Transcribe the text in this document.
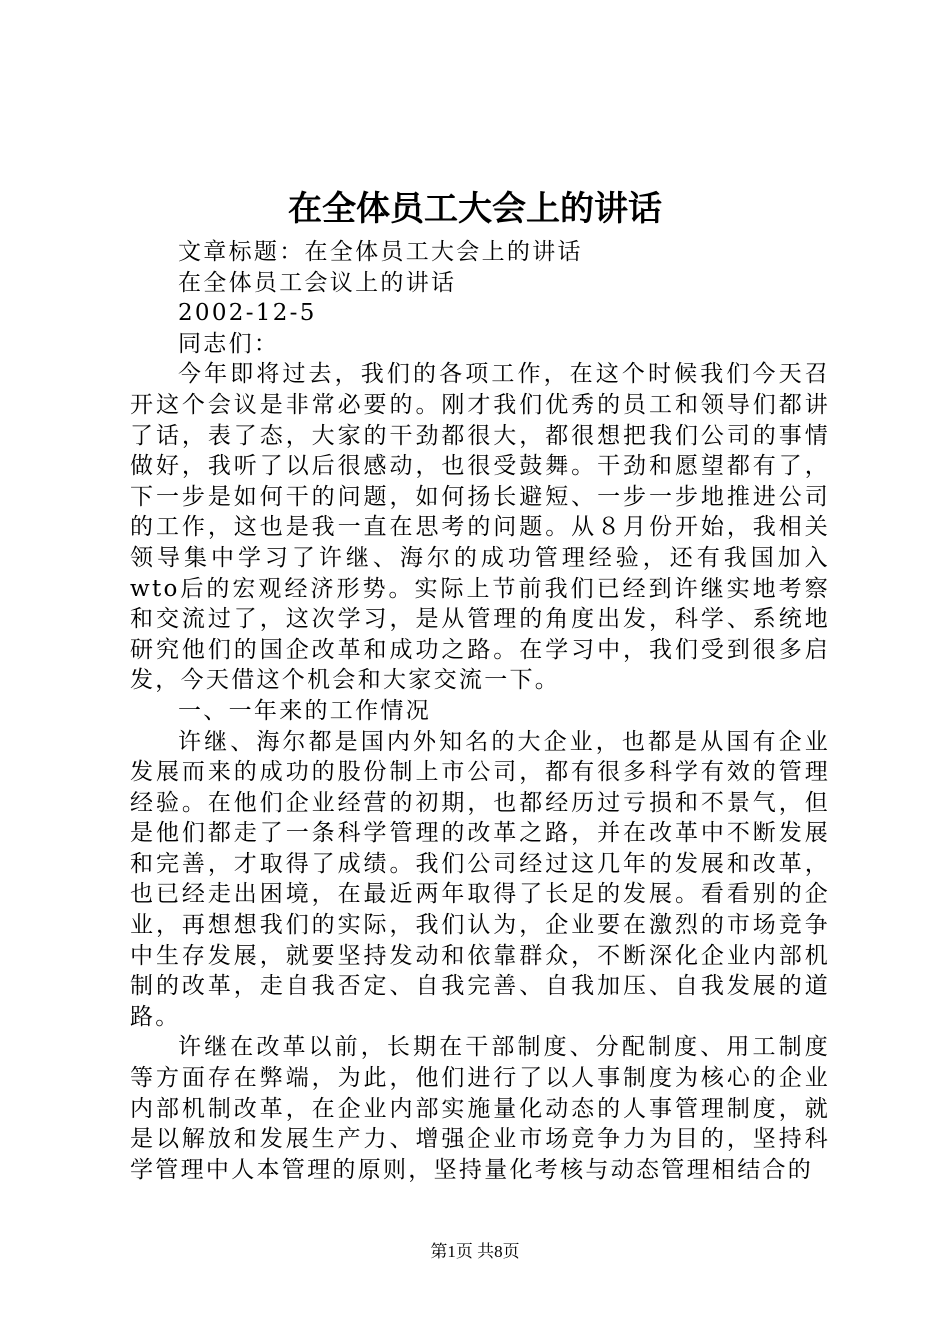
在全体员工大会上的讲话

文章标题：在全体员工大会上的讲话

在全体员工会议上的讲话

2002-12-5

同志们：

今年即将过去，我们的各项工作，在这个时候我们今天召开这个会议是非常必要的。刚才我们优秀的员工和领导们都讲了话，表了态，大家的干劲都很大，都很想把我们公司的事情做好，我听了以后很感动，也很受鼓舞。干劲和愿望都有了，下一步是如何干的问题，如何扬长避短、一步一步地推进公司的工作，这也是我一直在思考的问题。从８月份开始，我相关领导集中学习了许继、海尔的成功管理经验，还有我国加入wto后的宏观经济形势。实际上节前我们已经到许继实地考察和交流过了，这次学习，是从管理的角度出发，科学、系统地研究他们的国企改革和成功之路。在学习中，我们受到很多启发，今天借这个机会和大家交流一下。

一、一年来的工作情况

许继、海尔都是国内外知名的大企业，也都是从国有企业发展而来的成功的股份制上市公司，都有很多科学有效的管理经验。在他们企业经营的初期，也都经历过亏损和不景气，但是他们都走了一条科学管理的改革之路，并在改革中不断发展和完善，才取得了成绩。我们公司经过这几年的发展和改革，也已经走出困境，在最近两年取得了长足的发展。看看别的企业，再想想我们的实际，我们认为，企业要在激烈的市场竞争中生存发展，就要坚持发动和依靠群众，不断深化企业内部机制的改革，走自我否定、自我完善、自我加压、自我发展的道路。

许继在改革以前，长期在干部制度、分配制度、用工制度等方面存在弊端，为此，他们进行了以人事制度为核心的企业内部机制改革，在企业内部实施量化动态的人事管理制度，就是以解放和发展生产力、增强企业市场竞争力为目的，坚持科学管理中人本管理的原则，坚持量化考核与动态管理相结合的

第1页 共8页
